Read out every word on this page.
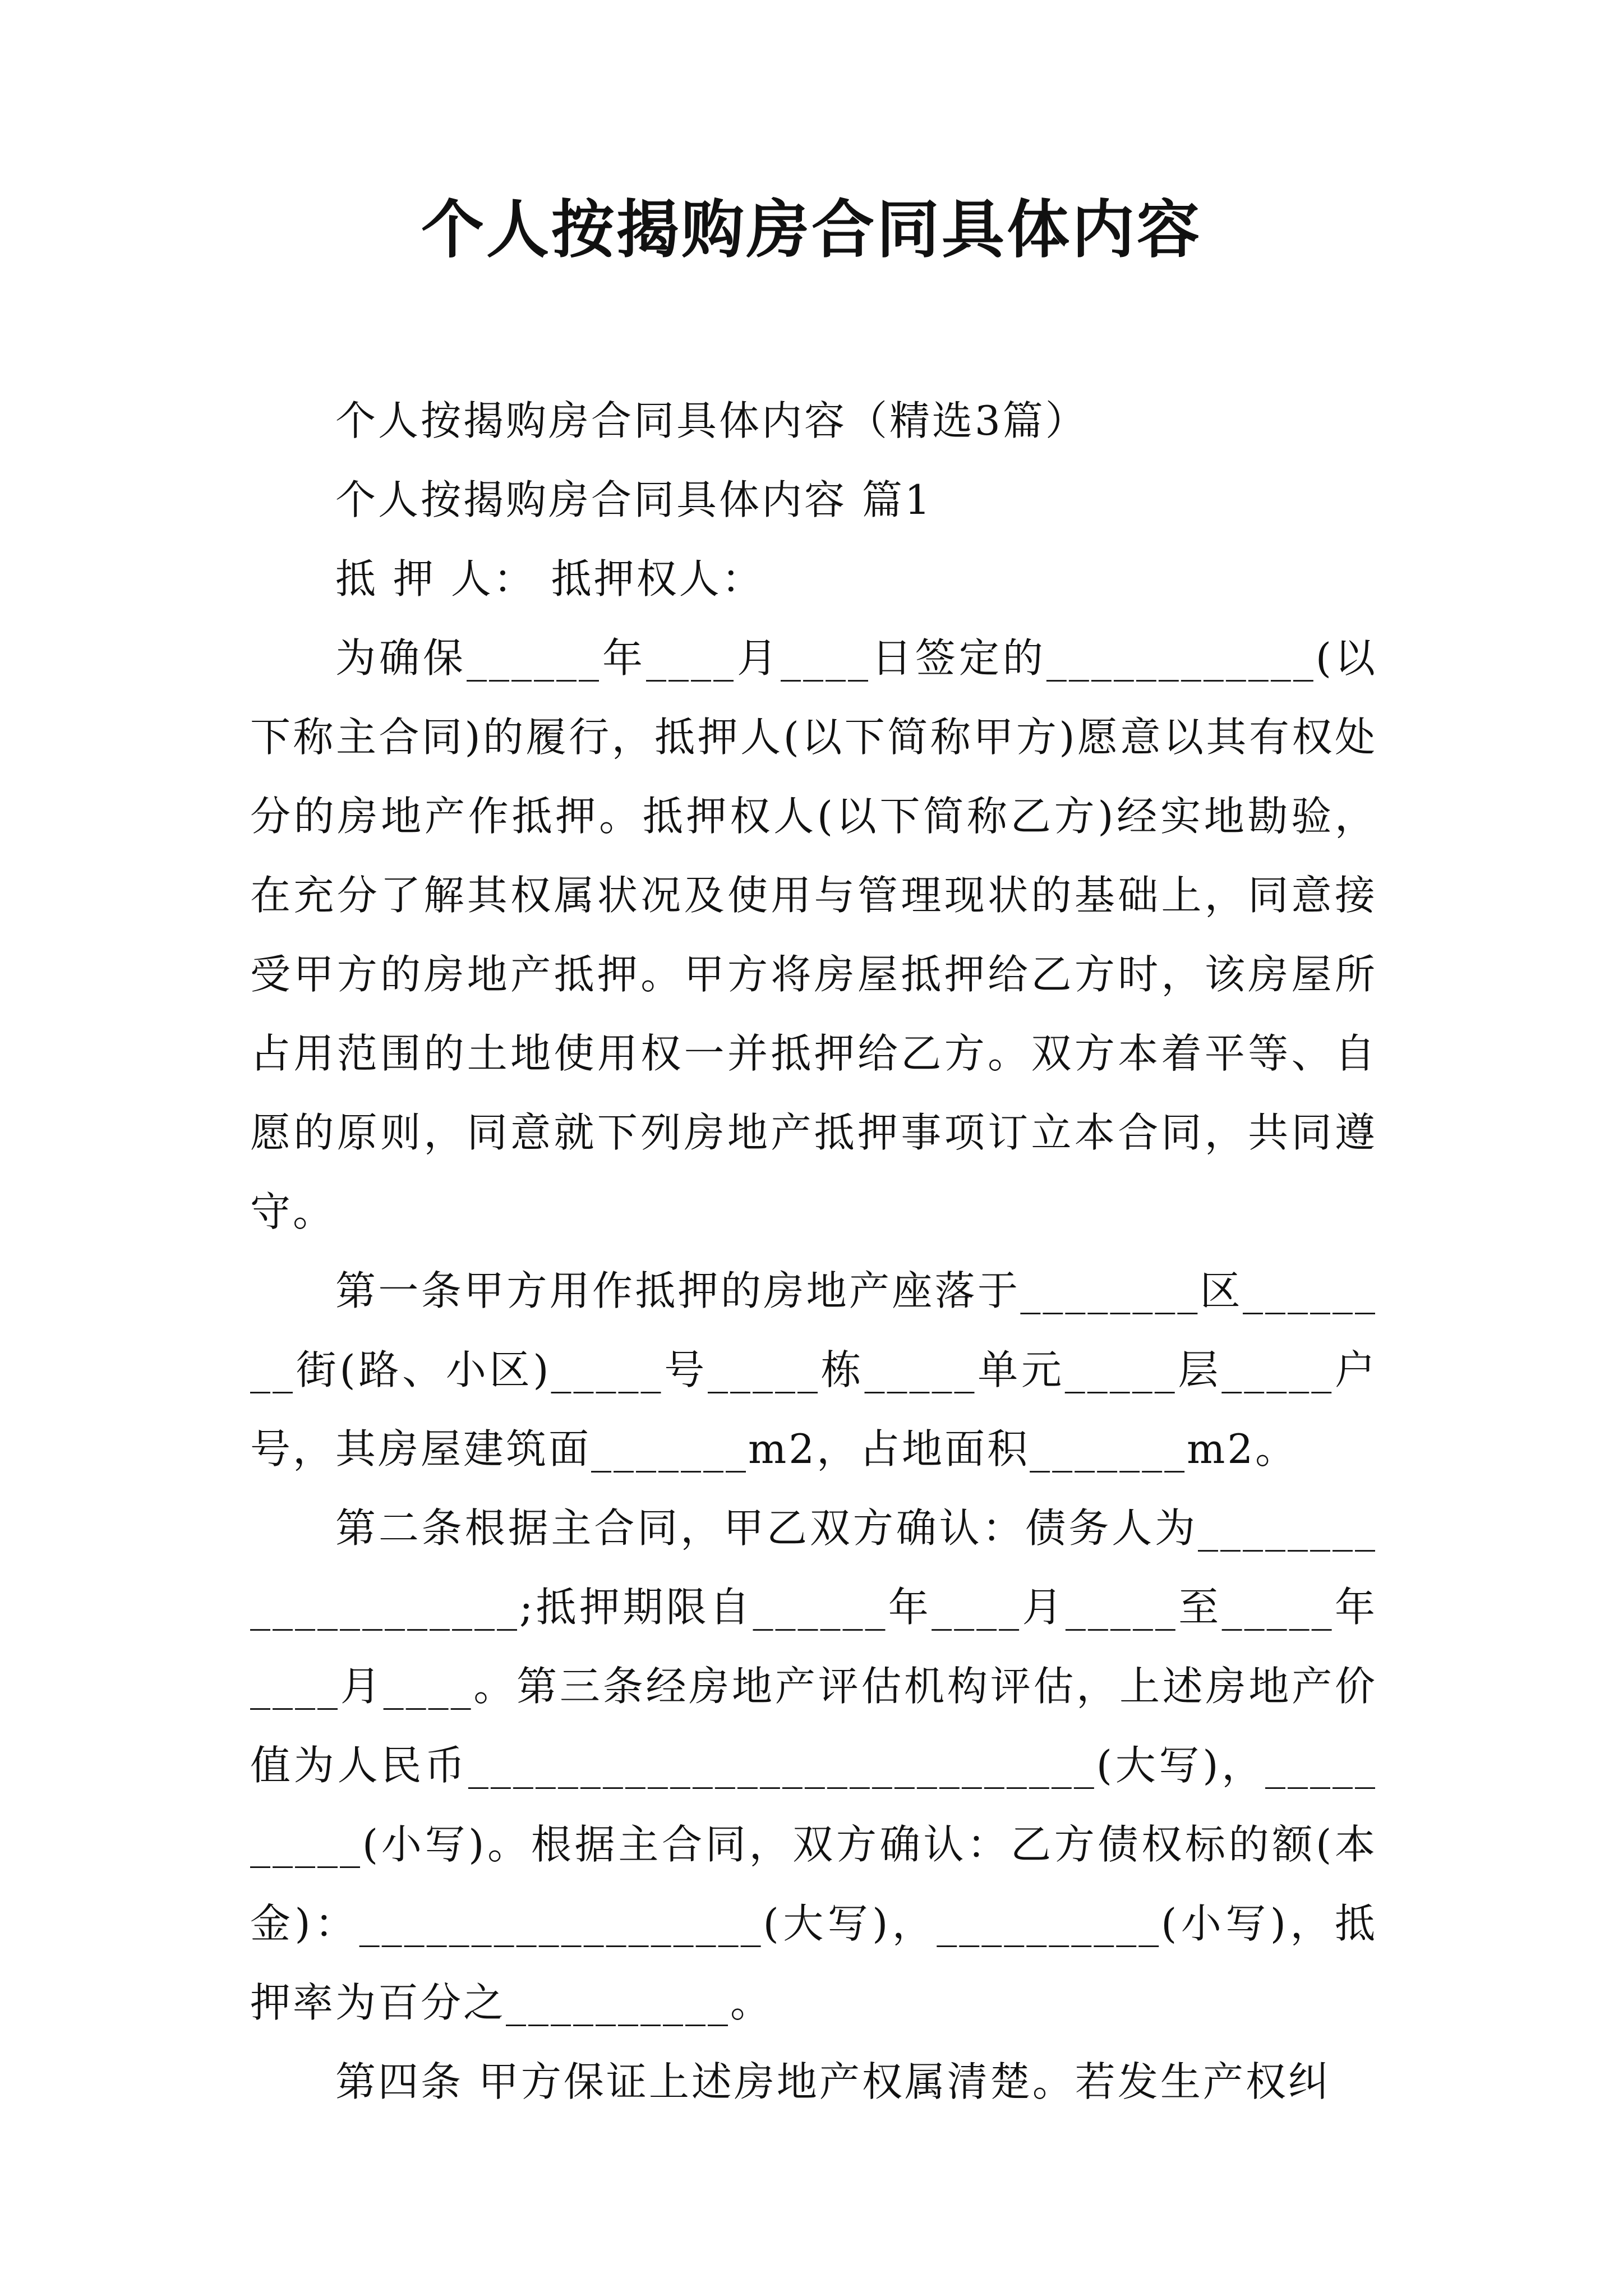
个人按揭购房合同具体内容

个人按揭购房合同具体内容（精选3篇）

个人按揭购房合同具体内容 篇1

抵 押 人： 抵押权人：

为确保______年____月____日签定的____________(以下称主合同)的履行，抵押人(以下简称甲方)愿意以其有权处分的房地产作抵押。抵押权人(以下简称乙方)经实地勘验，在充分了解其权属状况及使用与管理现状的基础上，同意接受甲方的房地产抵押。甲方将房屋抵押给乙方时，该房屋所占用范围的土地使用权一并抵押给乙方。双方本着平等、自愿的原则，同意就下列房地产抵押事项订立本合同，共同遵守。

第一条甲方用作抵押的房地产座落于________区________街(路、小区)_____号_____栋_____单元_____层_____户号，其房屋建筑面_______m2，占地面积_______m2。

第二条根据主合同，甲乙双方确认：债务人为____________________;抵押期限自______年____月_____至_____年____月____。第三条经房地产评估机构评估，上述房地产价值为人民币____________________________(大写)，__________(小写)。根据主合同，双方确认：乙方债权标的额(本金)：__________________(大写)，__________(小写)，抵押率为百分之__________。

第四条 甲方保证上述房地产权属清楚。若发生产权纠
